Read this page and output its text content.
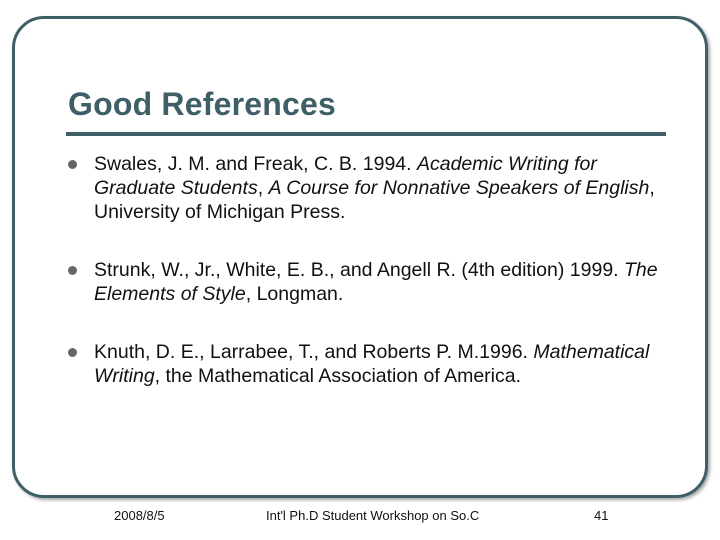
Good References
Swales, J. M. and Freak, C. B. 1994. Academic Writing for Graduate Students, A Course for Nonnative Speakers of English, University of Michigan Press.
Strunk, W., Jr., White, E. B., and Angell R. (4th edition) 1999. The Elements of Style, Longman.
Knuth, D. E., Larrabee, T., and Roberts P. M.1996. Mathematical Writing, the Mathematical Association of America.
2008/8/5	Int'l Ph.D Student Workshop on So.C	41
